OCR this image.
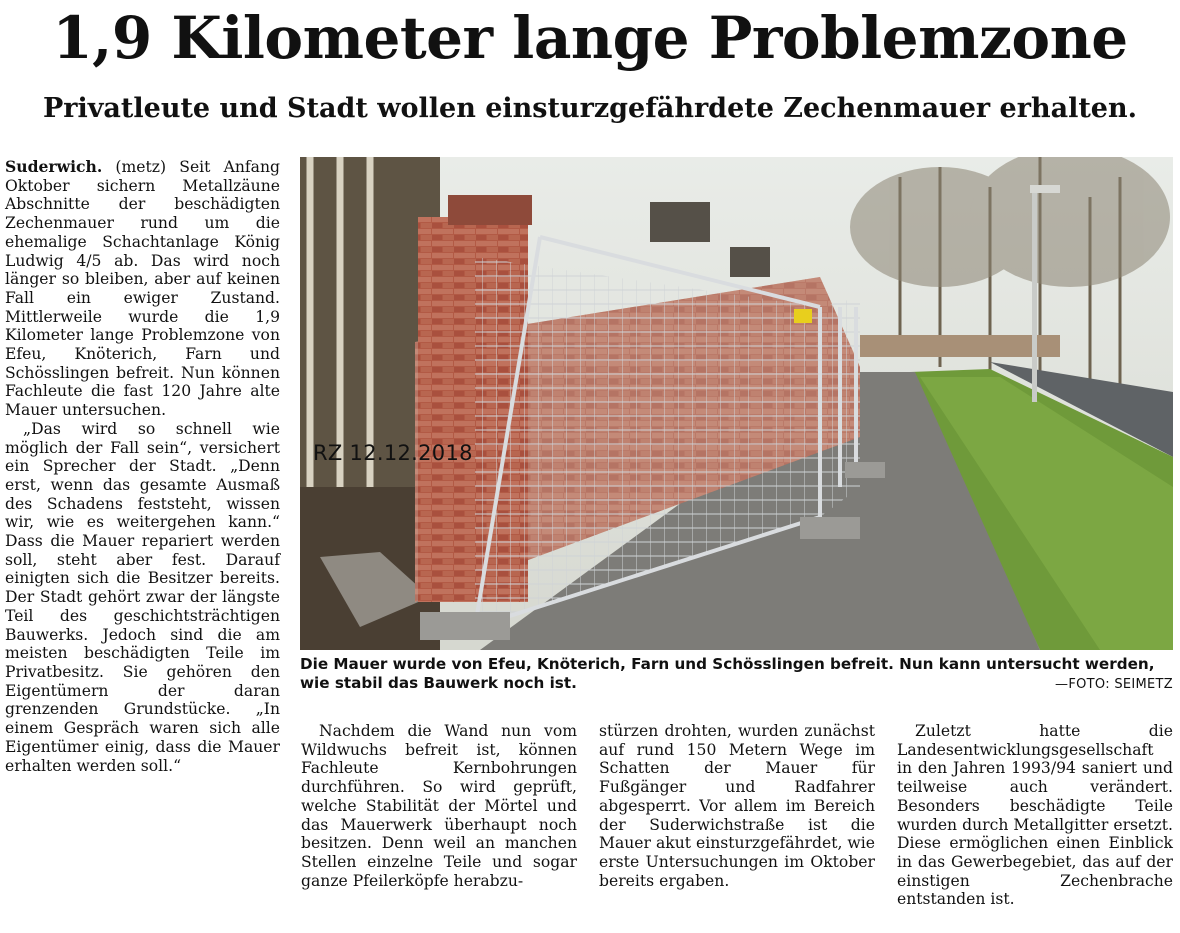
1,9 Kilometer lange Problemzone
Privatleute und Stadt wollen einsturzgefährdete Zechenmauer erhalten.

Suderwich. (metz) Seit Anfang Oktober sichern Metallzäune Abschnitte der beschädigten Zechenmauer rund um die ehemalige Schachtanlage König Ludwig 4/5 ab. Das wird noch länger so bleiben, aber auf keinen Fall ein ewiger Zustand. Mittlerweile wurde die 1,9 Kilometer lange Problemzone von Efeu, Knöterich, Farn und Schösslingen befreit. Nun können Fachleute die fast 120 Jahre alte Mauer untersuchen.

„Das wird so schnell wie möglich der Fall sein“, versichert ein Sprecher der Stadt. „Denn erst, wenn das gesamte Ausmaß des Schadens feststeht, wissen wir, wie es weitergehen kann.“ Dass die Mauer repariert werden soll, steht aber fest. Darauf einigten sich die Besitzer bereits. Der Stadt gehört zwar der längste Teil des geschichtsträchtigen Bauwerks. Jedoch sind die am meisten beschädigten Teile im Privatbesitz. Sie gehören den Eigentümern der daran grenzenden Grundstücke. „In einem Gespräch waren sich alle Eigentümer einig, dass die Mauer erhalten werden soll.“

RZ 12.12.2018
Die Mauer wurde von Efeu, Knöterich, Farn und Schösslingen befreit. Nun kann untersucht werden, wie stabil das Bauwerk noch ist.	—FOTO: SEIMETZ

Nachdem die Wand nun vom Wildwuchs befreit ist, können Fachleute Kernbohrungen durchführen. So wird geprüft, welche Stabilität der Mörtel und das Mauerwerk überhaupt noch besitzen. Denn weil an manchen Stellen einzelne Teile und sogar ganze Pfeilerköpfe herabzu-

stürzen drohten, wurden zunächst auf rund 150 Metern Wege im Schatten der Mauer für Fußgänger und Radfahrer abgesperrt. Vor allem im Bereich der Suderwichstraße ist die Mauer akut einsturzgefährdet, wie erste Untersuchungen im Oktober bereits ergaben.

Zuletzt hatte die Landesentwicklungsgesellschaft in den Jahren 1993/94 saniert und teilweise auch verändert. Besonders beschädigte Teile wurden durch Metallgitter ersetzt. Diese ermöglichen einen Einblick in das Gewerbegebiet, das auf der einstigen Zechenbrache entstanden ist.
